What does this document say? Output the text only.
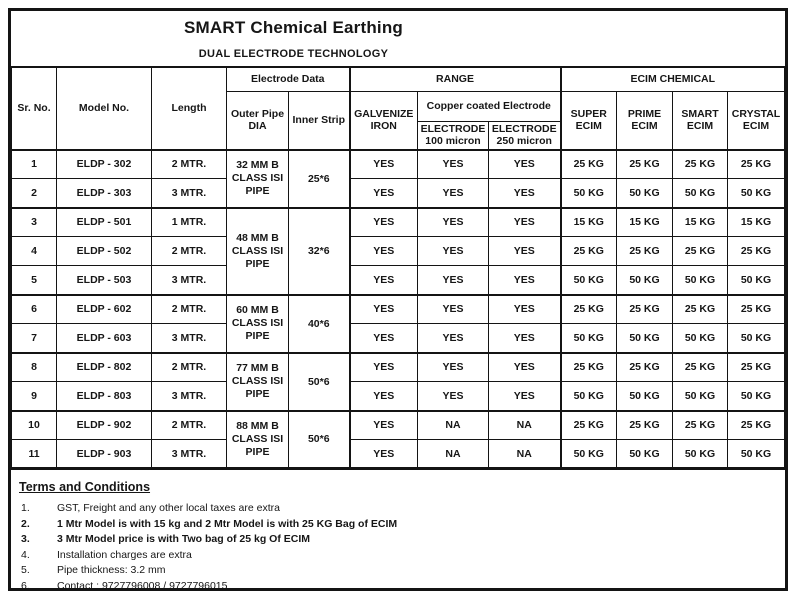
SMART Chemical Earthing
DUAL ELECTRODE TECHNOLOGY
Sr. No.	Model No.	Length	Electrode Data		RANGE			ECIM CHEMICAL			
			Outer Pipe DIA	Inner Strip	GALVENIZE IRON	Copper coated Electrode		SUPER ECIM	PRIME ECIM	SMART ECIM	CRYSTAL ECIM
						ELECTRODE 100 micron	ELECTRODE 250 micron				
1	ELDP - 302	2 MTR.	32 MM B CLASS ISI PIPE	25*6	YES	YES	YES	25 KG	25 KG	25 KG	25 KG
2	ELDP - 303	3 MTR.			YES	YES	YES	50 KG	50 KG	50 KG	50 KG
3	ELDP - 501	1 MTR.	48 MM B CLASS ISI PIPE	32*6	YES	YES	YES	15 KG	15 KG	15 KG	15 KG
4	ELDP - 502	2 MTR.			YES	YES	YES	25 KG	25 KG	25 KG	25 KG
5	ELDP - 503	3 MTR.			YES	YES	YES	50 KG	50 KG	50 KG	50 KG
6	ELDP - 602	2 MTR.	60 MM B CLASS ISI PIPE	40*6	YES	YES	YES	25 KG	25 KG	25 KG	25 KG
7	ELDP - 603	3 MTR.			YES	YES	YES	50 KG	50 KG	50 KG	50 KG
8	ELDP - 802	2 MTR.	77 MM B CLASS ISI PIPE	50*6	YES	YES	YES	25 KG	25 KG	25 KG	25 KG
9	ELDP - 803	3 MTR.			YES	YES	YES	50 KG	50 KG	50 KG	50 KG
10	ELDP - 902	2 MTR.	88 MM B CLASS ISI PIPE	50*6	YES	NA	NA	25 KG	25 KG	25 KG	25 KG
11	ELDP - 903	3 MTR.			YES	NA	NA	50 KG	50 KG	50 KG	50 KG
Terms and Conditions
1.	GST, Freight and any other local taxes are extra
2.	1 Mtr Model is with 15 kg and 2 Mtr Model is with 25 KG Bag of ECIM
3.	3 Mtr Model price is with Two bag of 25 kg Of ECIM
4.	Installation charges are extra
5.	Pipe thickness: 3.2 mm
6.	Contact : 9727796008 / 9727796015
